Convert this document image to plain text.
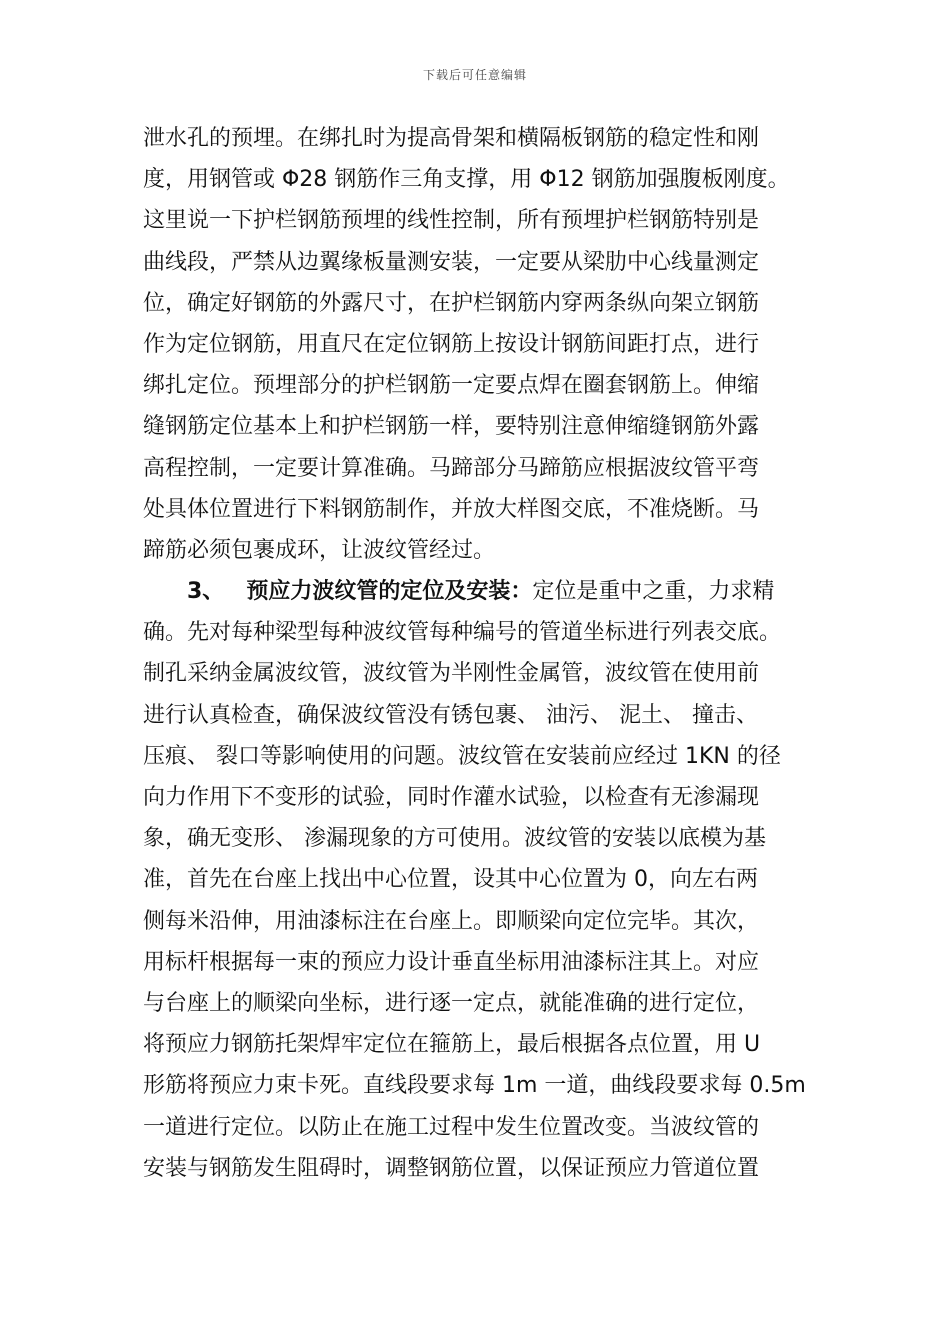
下载后可任意编辑
泄水孔的预埋。在绑扎时为提高骨架和横隔板钢筋的稳定性和刚
度，用钢管或 Φ28 钢筋作三角支撑，用 Φ12 钢筋加强腹板刚度。
这里说一下护栏钢筋预埋的线性控制，所有预埋护栏钢筋特别是
曲线段，严禁从边翼缘板量测安装，一定要从梁肋中心线量测定
位，确定好钢筋的外露尺寸，在护栏钢筋内穿两条纵向架立钢筋
作为定位钢筋，用直尺在定位钢筋上按设计钢筋间距打点，进行
绑扎定位。预埋部分的护栏钢筋一定要点焊在圈套钢筋上。伸缩
缝钢筋定位基本上和护栏钢筋一样，要特别注意伸缩缝钢筋外露
高程控制，一定要计算准确。马蹄部分马蹄筋应根据波纹管平弯
处具体位置进行下料钢筋制作，并放大样图交底，不准烧断。马
蹄筋必须包裹成环，让波纹管经过。
3、 预应力波纹管的定位及安装：定位是重中之重，力求精
确。先对每种梁型每种波纹管每种编号的管道坐标进行列表交底。
制孔采纳金属波纹管，波纹管为半刚性金属管，波纹管在使用前
进行认真检查，确保波纹管没有锈包裹、 油污、 泥土、 撞击、
压痕、 裂口等影响使用的问题。波纹管在安装前应经过 1KN 的径
向力作用下不变形的试验，同时作灌水试验，以检查有无渗漏现
象，确无变形、 渗漏现象的方可使用。波纹管的安装以底模为基
准，首先在台座上找出中心位置，设其中心位置为 0，向左右两
侧每米沿伸，用油漆标注在台座上。即顺梁向定位完毕。其次，
用标杆根据每一束的预应力设计垂直坐标用油漆标注其上。对应
与台座上的顺梁向坐标，进行逐一定点，就能准确的进行定位，
将预应力钢筋托架焊牢定位在箍筋上，最后根据各点位置，用 U
形筋将预应力束卡死。直线段要求每 1m 一道，曲线段要求每 0.5m
一道进行定位。以防止在施工过程中发生位置改变。当波纹管的
安装与钢筋发生阻碍时，调整钢筋位置，以保证预应力管道位置
